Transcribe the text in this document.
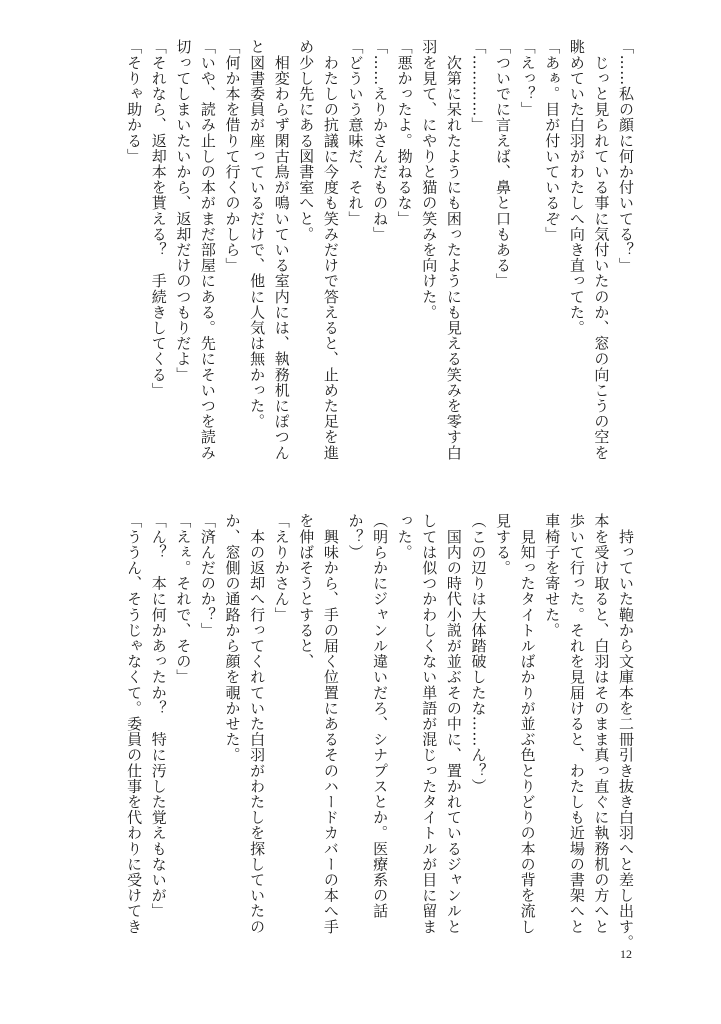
「……私の顔に何か付いてる？」
　じっと見られている事に気付いたのか、窓の向こうの空を
眺めていた白羽がわたしへ向き直ってた。
「あぁ。目が付いているぞ」
「えっ？」
「ついでに言えば、鼻と口もある」
「…………」
　次第に呆れたようにも困ったようにも見える笑みを零す白
羽を見て、にやりと猫の笑みを向けた。
「悪かったよ。拗ねるな」
「……えりかさんだものね」
「どういう意味だ、それ」
　わたしの抗議に今度も笑みだけで答えると、止めた足を進
め少し先にある図書室へと。
　相変わらず閑古鳥が鳴いている室内には、執務机にぽつん
と図書委員が座っているだけで、他に人気は無かった。
「何か本を借りて行くのかしら」
「いや、読み止しの本がまだ部屋にある。先にそいつを読み
切ってしまいたいから、返却だけのつもりだよ」
「それなら、返却本を貰える？　手続きしてくる」
「そりゃ助かる」
　持っていた鞄から文庫本を二冊引き抜き白羽へと差し出す。
本を受け取ると、白羽はそのまま真っ直ぐに執務机の方へと
歩いて行った。それを見届けると、わたしも近場の書架へと
車椅子を寄せた。
　見知ったタイトルばかりが並ぶ色とりどりの本の背を流し
見する。
（この辺りは大体踏破したな……ん？）
　国内の時代小説が並ぶその中に、置かれているジャンルと
しては似つかわしくない単語が混じったタイトルが目に留ま
った。
（明らかにジャンル違いだろ、シナプスとか。医療系の話
か？）
　興味から、手の届く位置にあるそのハードカバーの本へ手
を伸ばそうとすると、
「えりかさん」
　本の返却へ行ってくれていた白羽がわたしを探していたの
か、窓側の通路から顔を覗かせた。
「済んだのか？」
「えぇ。それで、その」
「ん？　本に何かあったか？　特に汚した覚えもないが」
「ううん、そうじゃなくて。委員の仕事を代わりに受けてき
12
